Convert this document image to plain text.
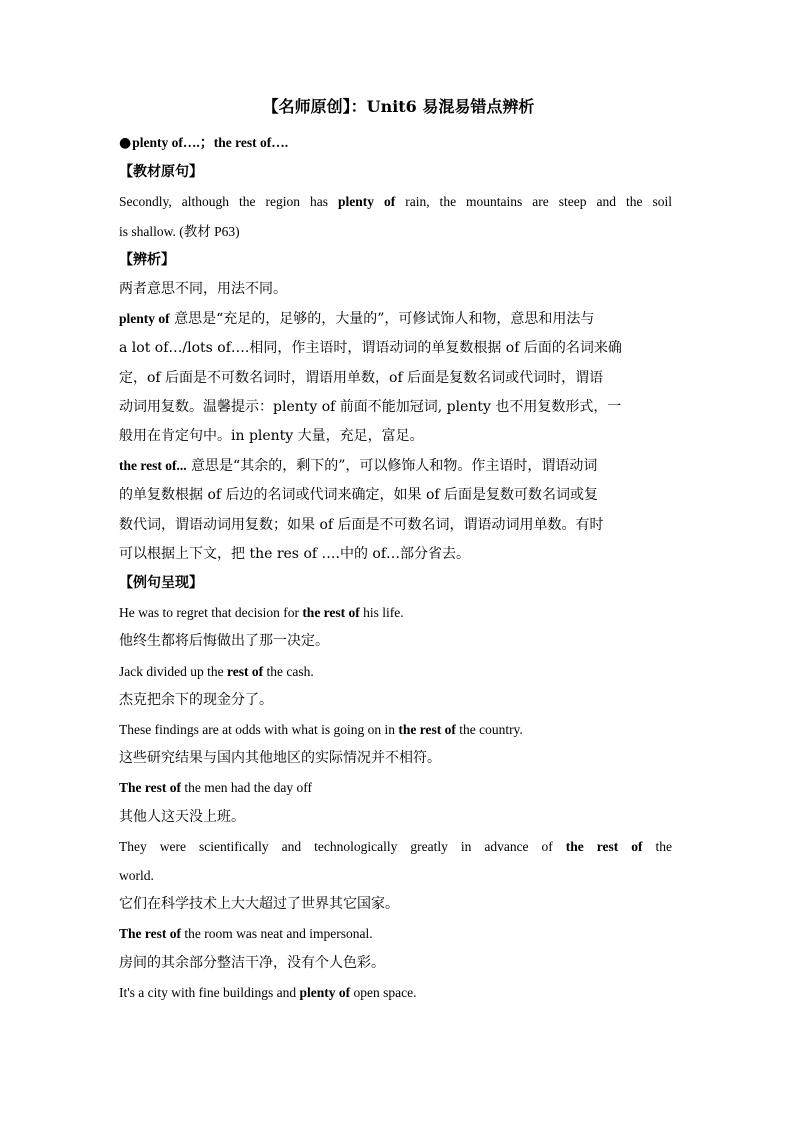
【名师原创】：Unit6 易混易错点辨析

●plenty of….；the rest of….

【教材原句】

Secondly, although the region has plenty of rain, the mountains are steep and the soil

is shallow. (教材 P63)

【辨析】

两者意思不同，用法不同。

plenty of 意思是“充足的，足够的，大量的”，可修试饰人和物，意思和用法与

a lot of…/lots of….相同，作主语时，谓语动词的单复数根据 of 后面的名词来确

定，of 后面是不可数名词时，谓语用单数，of 后面是复数名词或代词时，谓语

动词用复数。温馨提示：plenty of 前面不能加冠词, plenty 也不用复数形式，一

般用在肯定句中。in plenty 大量，充足，富足。

the rest of... 意思是“其余的，剩下的”，可以修饰人和物。作主语时，谓语动词

的单复数根据 of 后边的名词或代词来确定，如果 of 后面是复数可数名词或复

数代词，谓语动词用复数；如果 of 后面是不可数名词，谓语动词用单数。有时

可以根据上下文，把 the res of ….中的 of…部分省去。

【例句呈现】

He was to regret that decision for the rest of his life.

他终生都将后悔做出了那一决定。

Jack divided up the rest of the cash.

杰克把余下的现金分了。

These findings are at odds with what is going on in the rest of the country.

这些研究结果与国内其他地区的实际情况并不相符。

The rest of the men had the day off

其他人这天没上班。

They were scientifically and technologically greatly in advance of the rest of the

world.

它们在科学技术上大大超过了世界其它国家。

The rest of the room was neat and impersonal.

房间的其余部分整洁干净，没有个人色彩。

It's a city with fine buildings and plenty of open space.
